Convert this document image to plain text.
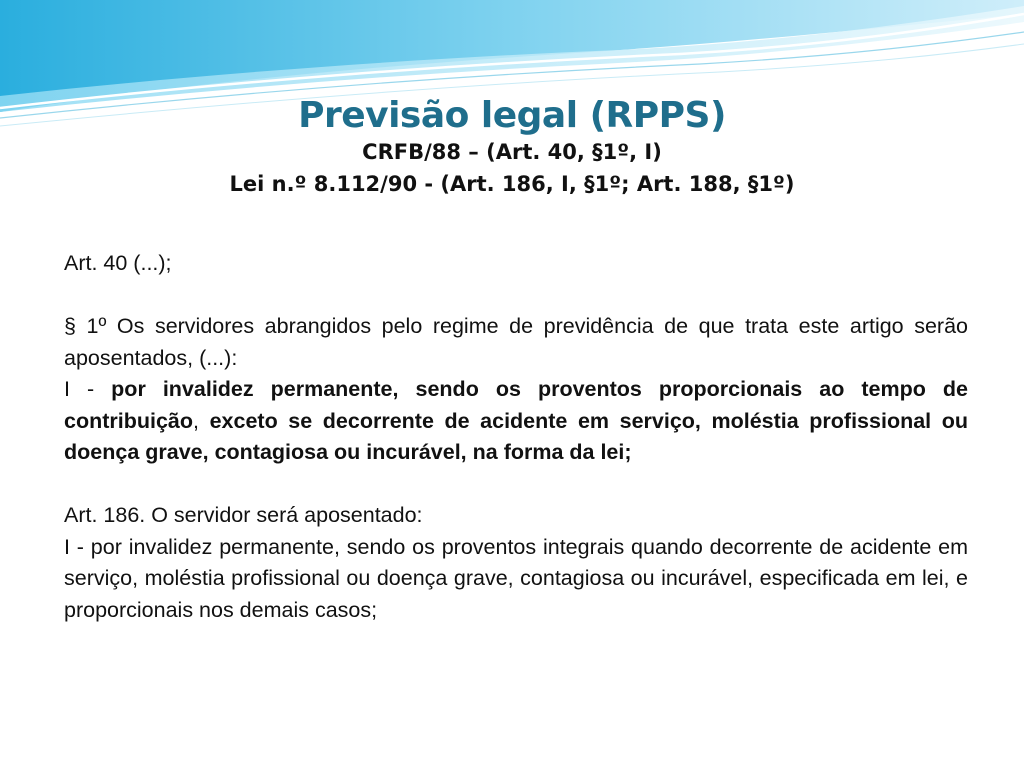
Previsão legal (RPPS)

CRFB/88 – (Art. 40, §1º, I)

Lei n.º 8.112/90 - (Art. 186, I, §1º; Art. 188, §1º)

Art. 40 (...);

§ 1º Os servidores abrangidos pelo regime de previdência de que trata este artigo serão aposentados, (...):

I - por invalidez permanente, sendo os proventos proporcionais ao tempo de contribuição, exceto se decorrente de acidente em serviço, moléstia profissional ou doença grave, contagiosa ou incurável, na forma da lei;

Art. 186. O servidor será aposentado:

I - por invalidez permanente, sendo os proventos integrais quando decorrente de acidente em serviço, moléstia profissional ou doença grave, contagiosa ou incurável, especificada em lei, e proporcionais nos demais casos;
